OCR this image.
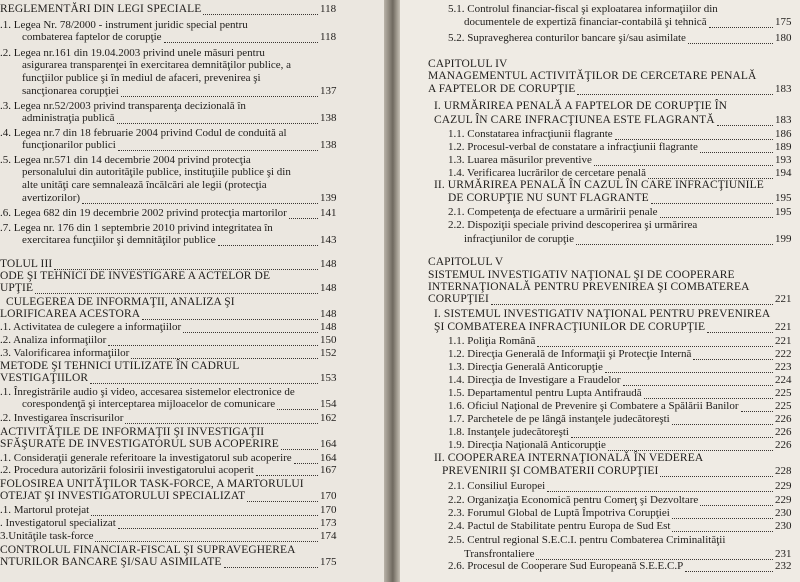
REGLEMENTĂRI DIN LEGI SPECIALE	118
.1. Legea Nr. 78/2000 - instrument juridic special pentru
combaterea faptelor de corupţie	118
.2. Legea nr.161 din 19.04.2003 privind unele măsuri pentru
asigurarea transparenţei în exercitarea demnităţilor publice, a
funcţiilor publice şi în mediul de afaceri, prevenirea şi
sancţionarea corupţiei	137
.3. Legea nr.52/2003 privind transparenţa decizională în
administraţia publică	138
.4. Legea nr.7 din 18 februarie 2004 privind Codul de conduită al
funcţionarilor publici	138
.5. Legea nr.571 din 14 decembrie 2004 privind protecţia
personalului din autorităţile publice, instituţiile publice şi din
alte unităţi care semnalează încălcări ale legii (protecţia
avertizorilor)	139
.6. Legea 682 din 19 decembrie 2002 privind protecţia martorilor	141
.7. Legea nr. 176 din 1 septembrie 2010 privind integritatea în
exercitarea funcţiilor şi demnităţilor publice	143
TOLUL III	148
ODE ŞI TEHNICI DE INVESTIGARE A ACTELOR DE
UPŢIE	148
CULEGEREA DE INFORMAŢII, ANALIZA ŞI
LORIFICAREA ACESTORA	148
.1. Activitatea de culegere a informaţiilor	148
.2. Analiza informaţiilor	150
.3. Valorificarea informaţiilor	152
METODE ŞI TEHNICI UTILIZATE ÎN CADRUL
VESTIGAŢIILOR	153
.1. Înregistrările audio şi video, accesarea sistemelor electronice de
corespondenţă şi interceptarea mijloacelor de comunicare	154
.2. Investigarea înscrisurilor	162
ACTIVITĂŢILE DE INFORMAŢII ŞI INVESTIGAŢII
SFĂŞURATE DE INVESTIGATORUL SUB ACOPERIRE	164
.1. Consideraţii generale referitoare la investigatorul sub acoperire	164
.2. Procedura autorizării folosirii investigatorului acoperit	167
FOLOSIREA UNITĂŢILOR TASK-FORCE, A MARTORULUI
OTEJAT ŞI INVESTIGATORULUI SPECIALIZAT	170
.1. Martorul protejat	170
. Investigatorul specializat	173
3.Unităţile task-force	174
CONTROLUL FINANCIAR-FISCAL ŞI SUPRAVEGHEREA
NTURILOR BANCARE ŞI/SAU ASIMILATE	175
5.1. Controlul financiar-fiscal şi exploatarea informaţiilor din
documentele de expertiză financiar-contabilă şi tehnică	175
5.2. Supravegherea conturilor bancare şi/sau asimilate	180
CAPITOLUL IV
MANAGEMENTUL ACTIVITĂŢILOR DE CERCETARE PENALĂ
A FAPTELOR DE CORUPŢIE	183
I. URMĂRIREA PENALĂ A FAPTELOR DE CORUPŢIE ÎN
CAZUL ÎN CARE INFRACŢIUNEA ESTE FLAGRANTĂ	183
1.1. Constatarea infracţiunii flagrante	186
1.2. Procesul-verbal de constatare a infracţiunii flagrante	189
1.3. Luarea măsurilor preventive	193
1.4. Verificarea lucrărilor de cercetare penală	194
II. URMĂRIREA PENALĂ ÎN CAZUL ÎN CARE INFRACŢIUNILE
DE CORUPŢIE NU SUNT FLAGRANTE	195
2.1. Competenţa de efectuare a urmăririi penale	195
2.2. Dispoziţii speciale privind descoperirea şi urmărirea
infracţiunilor de corupţie	199
CAPITOLUL V
SISTEMUL INVESTIGATIV NAŢIONAL ŞI DE COOPERARE
INTERNAŢIONALĂ PENTRU PREVENIREA ŞI COMBATEREA
CORUPŢIEI	221
I. SISTEMUL INVESTIGATIV NAŢIONAL PENTRU PREVENIREA
ŞI COMBATEREA INFRACŢIUNILOR DE CORUPŢIE	221
1.1. Poliţia Română	221
1.2. Direcţia Generală de Informaţii şi Protecţie Internă	222
1.3. Direcţia Generală Anticorupţie	223
1.4. Direcţia de Investigare a Fraudelor	224
1.5. Departamentul pentru Lupta Antifraudă	225
1.6. Oficiul Naţional de Prevenire şi Combatere a Spălării Banilor	225
1.7. Parchetele de pe lângă instanţele judecătoreşti	226
1.8. Instanţele judecătoreşti	226
1.9. Direcţia Naţională Anticorupţie	226
II. COOPERAREA INTERNAŢIONALĂ ÎN VEDEREA
PREVENIRII ŞI COMBATERII CORUPŢIEI	228
2.1. Consiliul Europei	229
2.2. Organizaţia Economică pentru Comerţ şi Dezvoltare	229
2.3. Forumul Global de Luptă Împotriva Corupţiei	230
2.4. Pactul de Stabilitate pentru Europa de Sud Est	230
2.5. Centrul regional S.E.C.I. pentru Combaterea Criminalităţii
Transfrontaliere	231
2.6. Procesul de Cooperare Sud Europeană S.E.E.C.P	232
